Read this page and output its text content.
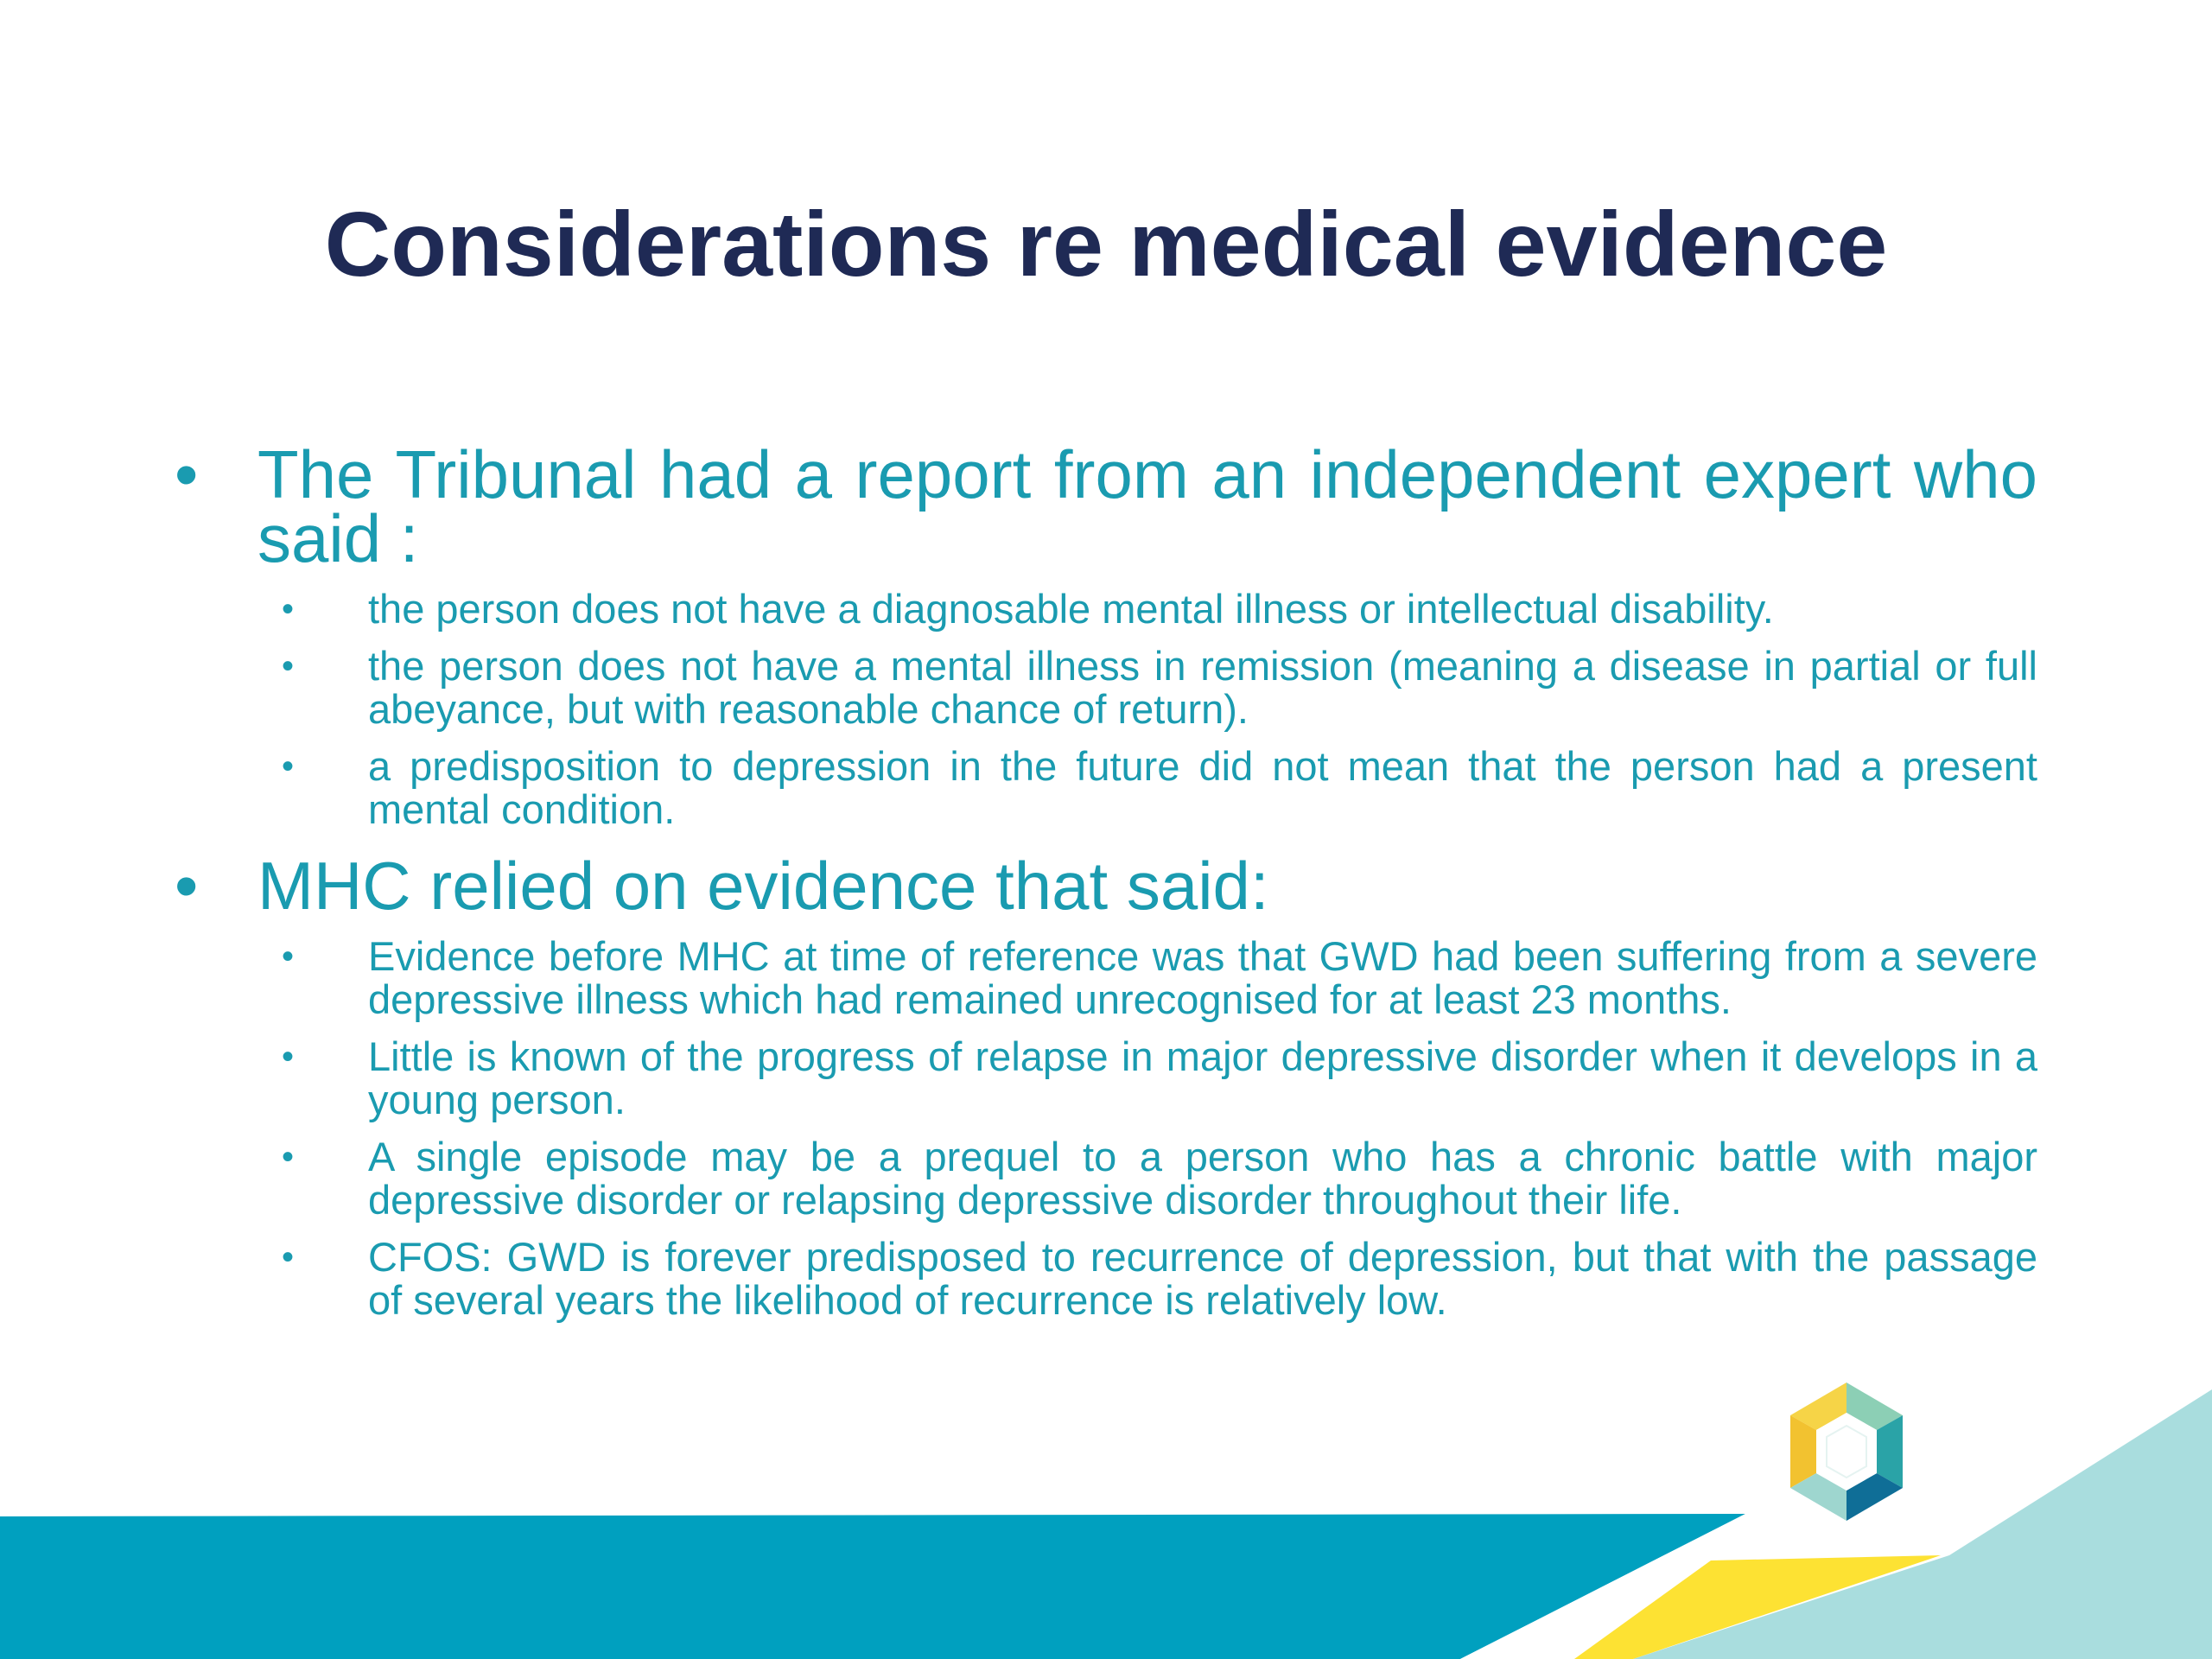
Considerations re medical evidence
• The Tribunal had a report from an independent expert who said :
• the person does not have a diagnosable mental illness or intellectual disability.
• the person does not have a mental illness in remission (meaning a disease in partial or full abeyance, but with reasonable chance of return).
• a predisposition to depression in the future did not mean that the person had a present mental condition.
• MHC relied on evidence that said:
• Evidence before MHC at time of reference was that GWD had been suffering from a severe depressive illness which had remained unrecognised for at least 23 months.
• Little is known of the progress of relapse in major depressive disorder when it develops in a young person.
• A single episode may be a prequel to a person who has a chronic battle with major depressive disorder or relapsing depressive disorder throughout their life.
• CFOS: GWD is forever predisposed to recurrence of depression, but that with the passage of several years the likelihood of recurrence is relatively low.
